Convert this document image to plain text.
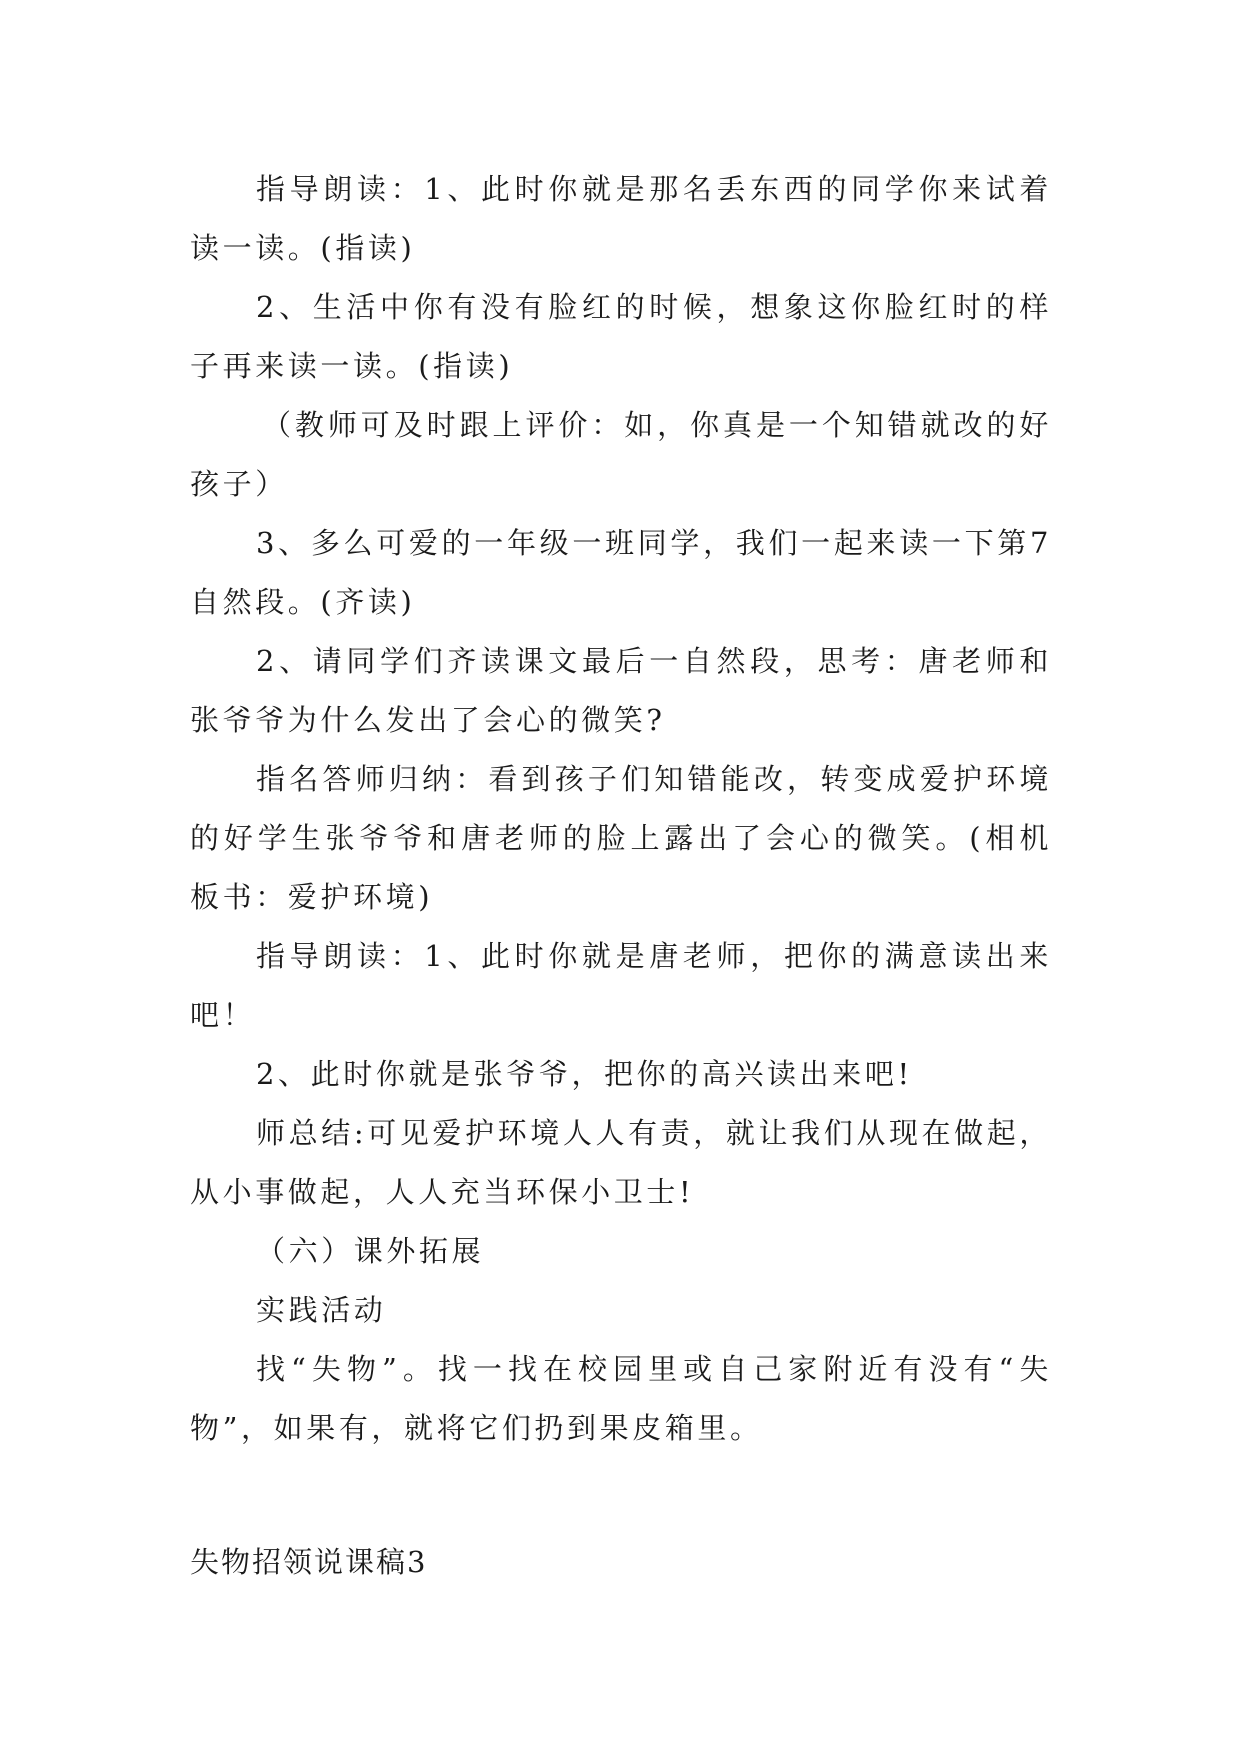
指导朗读：1、此时你就是那名丢东西的同学你来试着读一读。(指读)

2、生活中你有没有脸红的时候，想象这你脸红时的样子再来读一读。(指读)

（教师可及时跟上评价：如，你真是一个知错就改的好孩子）

3、多么可爱的一年级一班同学，我们一起来读一下第7自然段。(齐读)

2、请同学们齐读课文最后一自然段，思考：唐老师和张爷爷为什么发出了会心的微笑?

指名答师归纳：看到孩子们知错能改，转变成爱护环境的好学生张爷爷和唐老师的脸上露出了会心的微笑。(相机板书：爱护环境)

指导朗读：1、此时你就是唐老师，把你的满意读出来吧！

2、此时你就是张爷爷，把你的高兴读出来吧!

师总结:可见爱护环境人人有责，就让我们从现在做起，从小事做起，人人充当环保小卫士!

（六）课外拓展

实践活动

找“失物”。找一找在校园里或自己家附近有没有“失物”，如果有，就将它们扔到果皮箱里。

失物招领说课稿3
